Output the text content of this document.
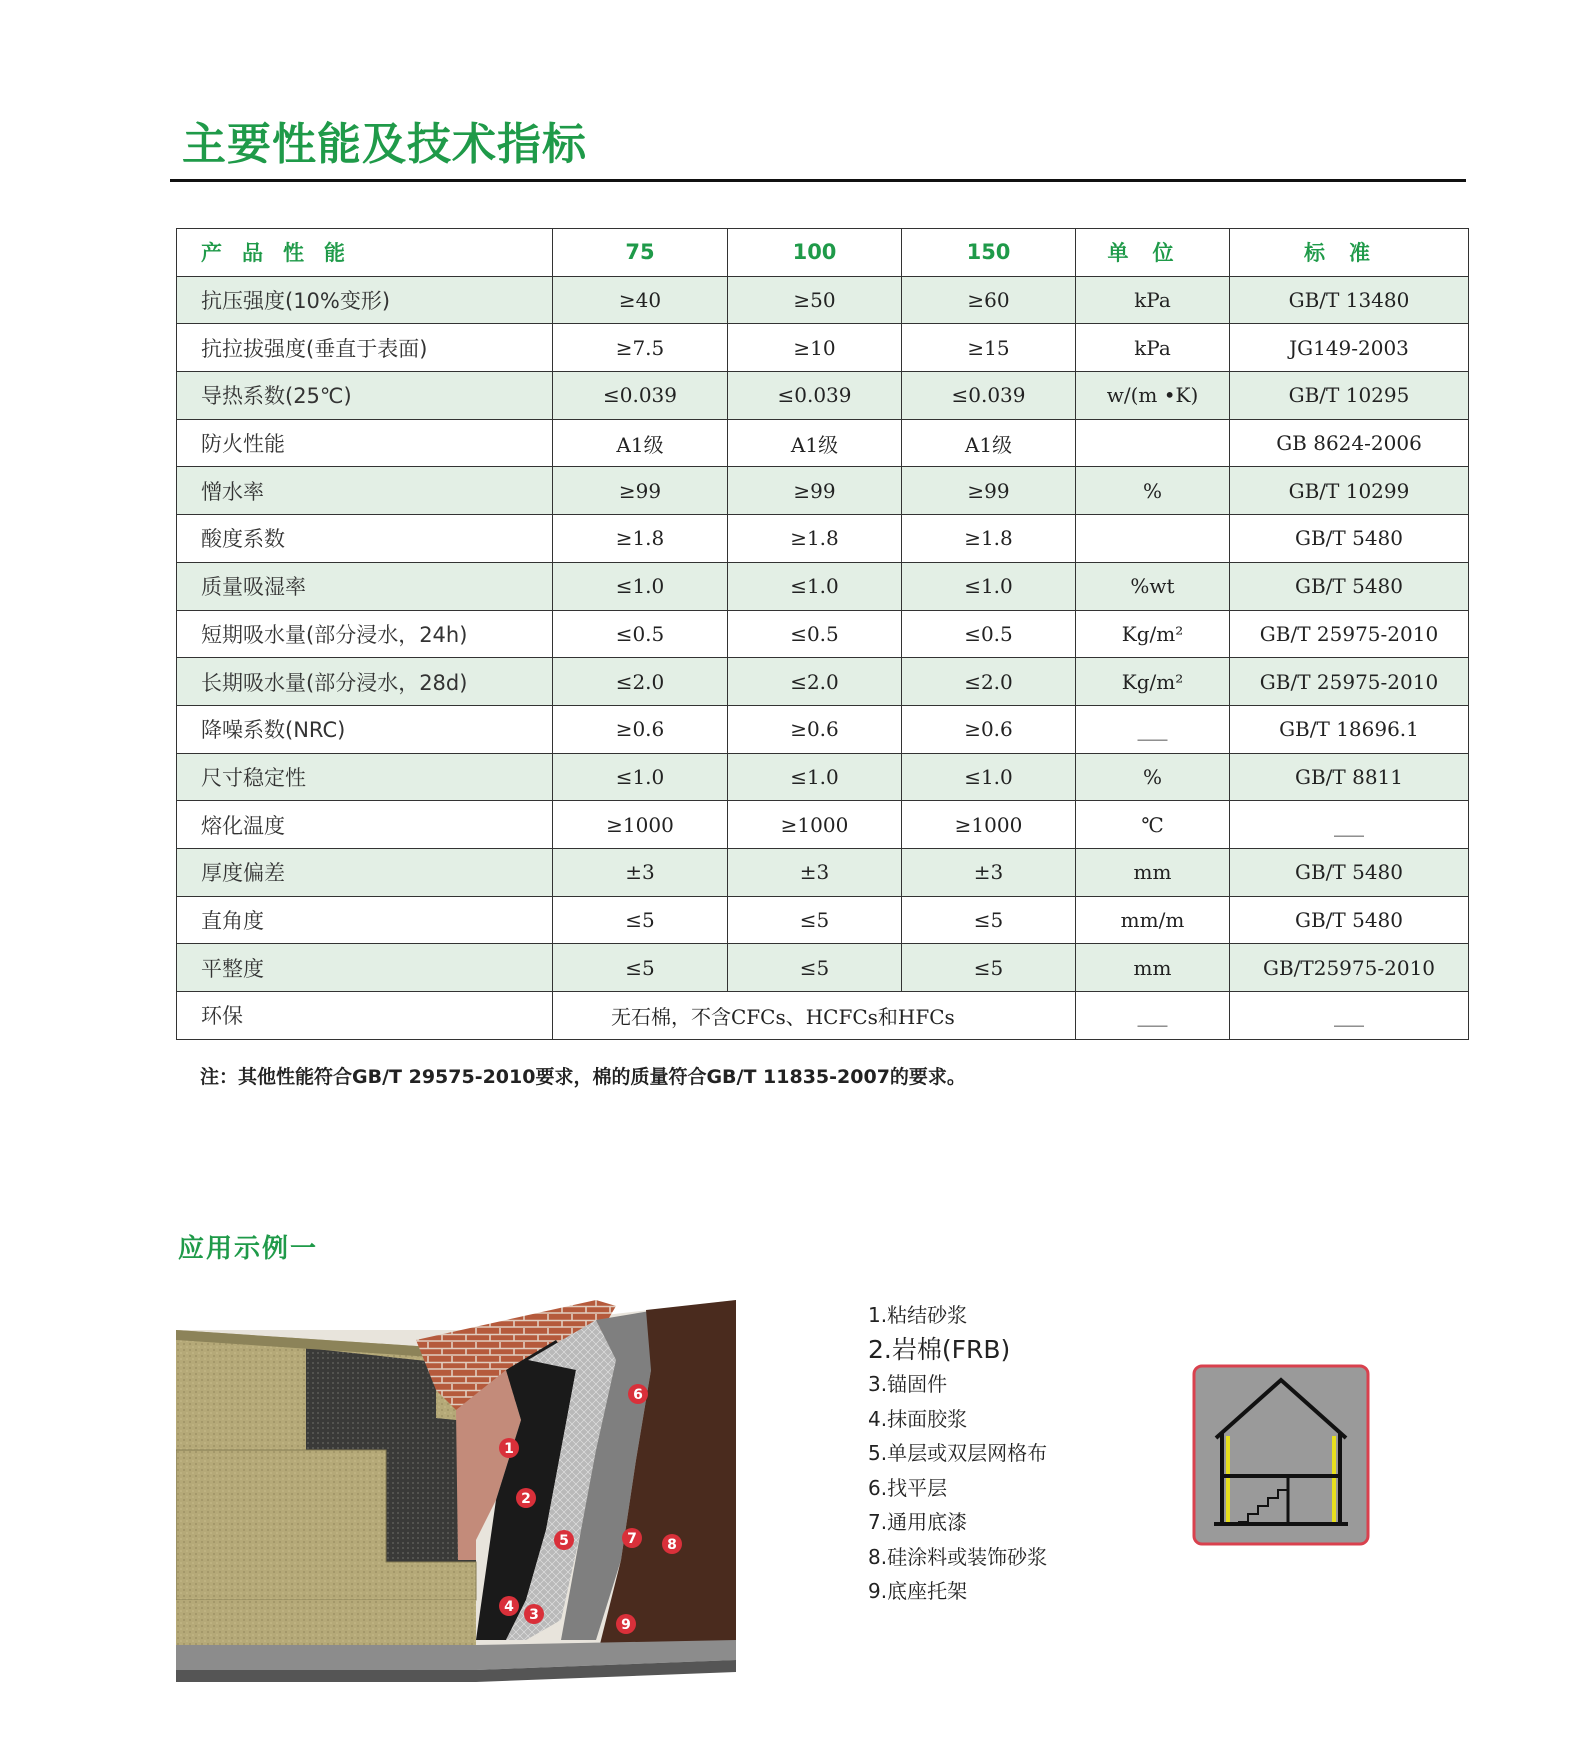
主要性能及技术指标
产品性能	75	100	150	单位	标准
抗压强度(10%变形)	≥40	≥50	≥60	kPa	GB/T 13480
抗拉拔强度(垂直于表面)	≥7.5	≥10	≥15	kPa	JG149-2003
导热系数(25℃)	≤0.039	≤0.039	≤0.039	w/(m •K)	GB/T 10295
防火性能	A1级	A1级	A1级		GB 8624-2006
憎水率	≥99	≥99	≥99	%	GB/T 10299
酸度系数	≥1.8	≥1.8	≥1.8		GB/T 5480
质量吸湿率	≤1.0	≤1.0	≤1.0	%wt	GB/T 5480
短期吸水量(部分浸水，24h)	≤0.5	≤0.5	≤0.5	Kg/m²	GB/T 25975-2010
长期吸水量(部分浸水，28d)	≤2.0	≤2.0	≤2.0	Kg/m²	GB/T 25975-2010
降噪系数(NRC)	≥0.6	≥0.6	≥0.6	___	GB/T 18696.1
尺寸稳定性	≤1.0	≤1.0	≤1.0	%	GB/T 8811
熔化温度	≥1000	≥1000	≥1000	℃	___
厚度偏差	±3	±3	±3	mm	GB/T 5480
直角度	≤5	≤5	≤5	mm/m	GB/T 5480
平整度	≤5	≤5	≤5	mm	GB/T25975-2010
环保	无石棉，不含CFCs、HCFCs和HFCs			___	___
注：其他性能符合GB/T 29575-2010要求，棉的质量符合GB/T 11835-2007的要求。
应用示例一
1
2
3
4
5
6
7 8
9
1.粘结砂浆
2.岩棉(FRB)
3.锚固件
4.抹面胶浆
5.单层或双层网格布
6.找平层
7.通用底漆
8.硅涂料或装饰砂浆
9.底座托架
